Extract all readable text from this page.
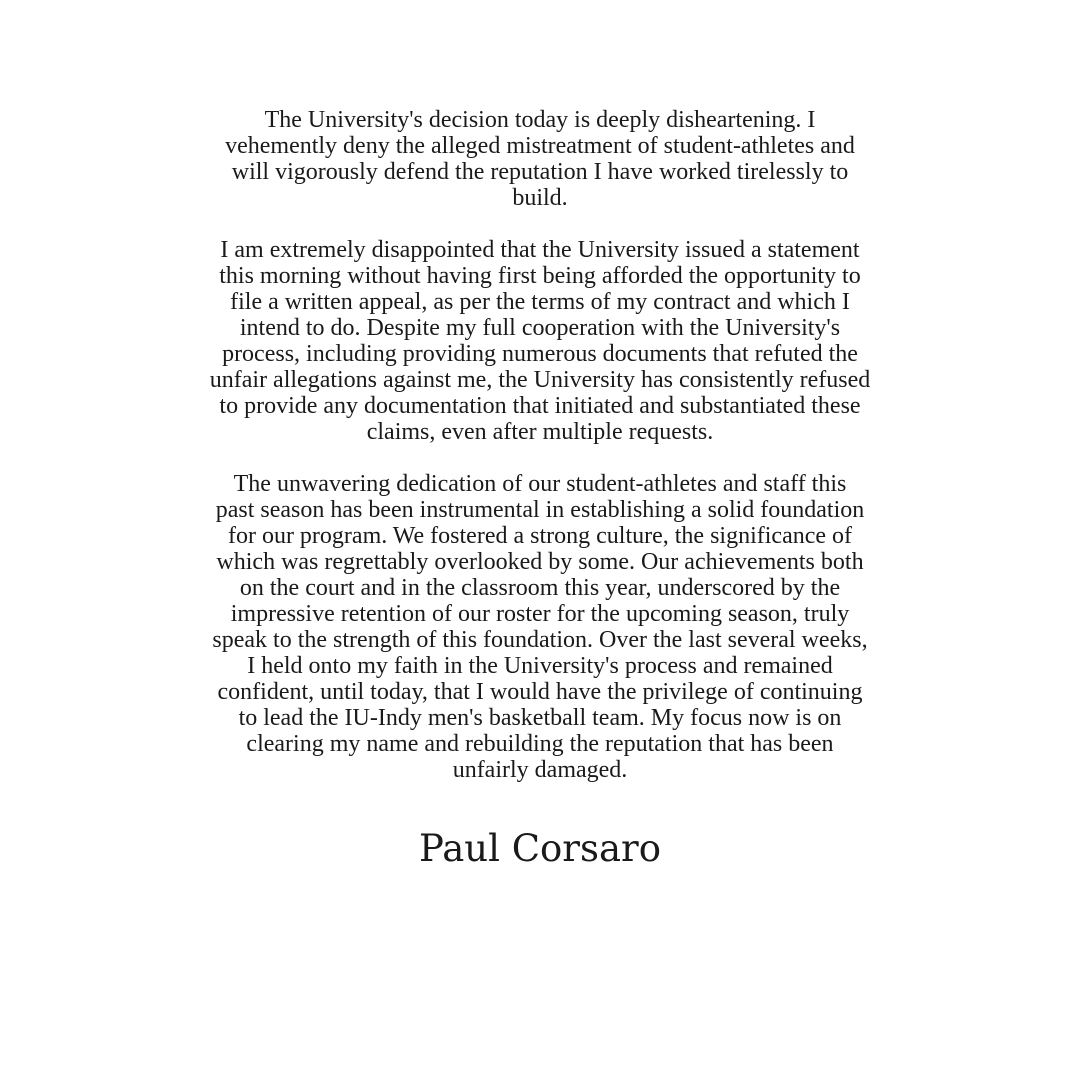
The University's decision today is deeply disheartening. I
vehemently deny the alleged mistreatment of student-athletes and
will vigorously defend the reputation I have worked tirelessly to
build.

I am extremely disappointed that the University issued a statement
this morning without having first being afforded the opportunity to
file a written appeal, as per the terms of my contract and which I
intend to do. Despite my full cooperation with the University's
process, including providing numerous documents that refuted the
unfair allegations against me, the University has consistently refused
to provide any documentation that initiated and substantiated these
claims, even after multiple requests.

The unwavering dedication of our student-athletes and staff this
past season has been instrumental in establishing a solid foundation
for our program. We fostered a strong culture, the significance of
which was regrettably overlooked by some. Our achievements both
on the court and in the classroom this year, underscored by the
impressive retention of our roster for the upcoming season, truly
speak to the strength of this foundation. Over the last several weeks,
I held onto my faith in the University's process and remained
confident, until today, that I would have the privilege of continuing
to lead the IU-Indy men's basketball team. My focus now is on
clearing my name and rebuilding the reputation that has been
unfairly damaged.

Paul Corsaro
